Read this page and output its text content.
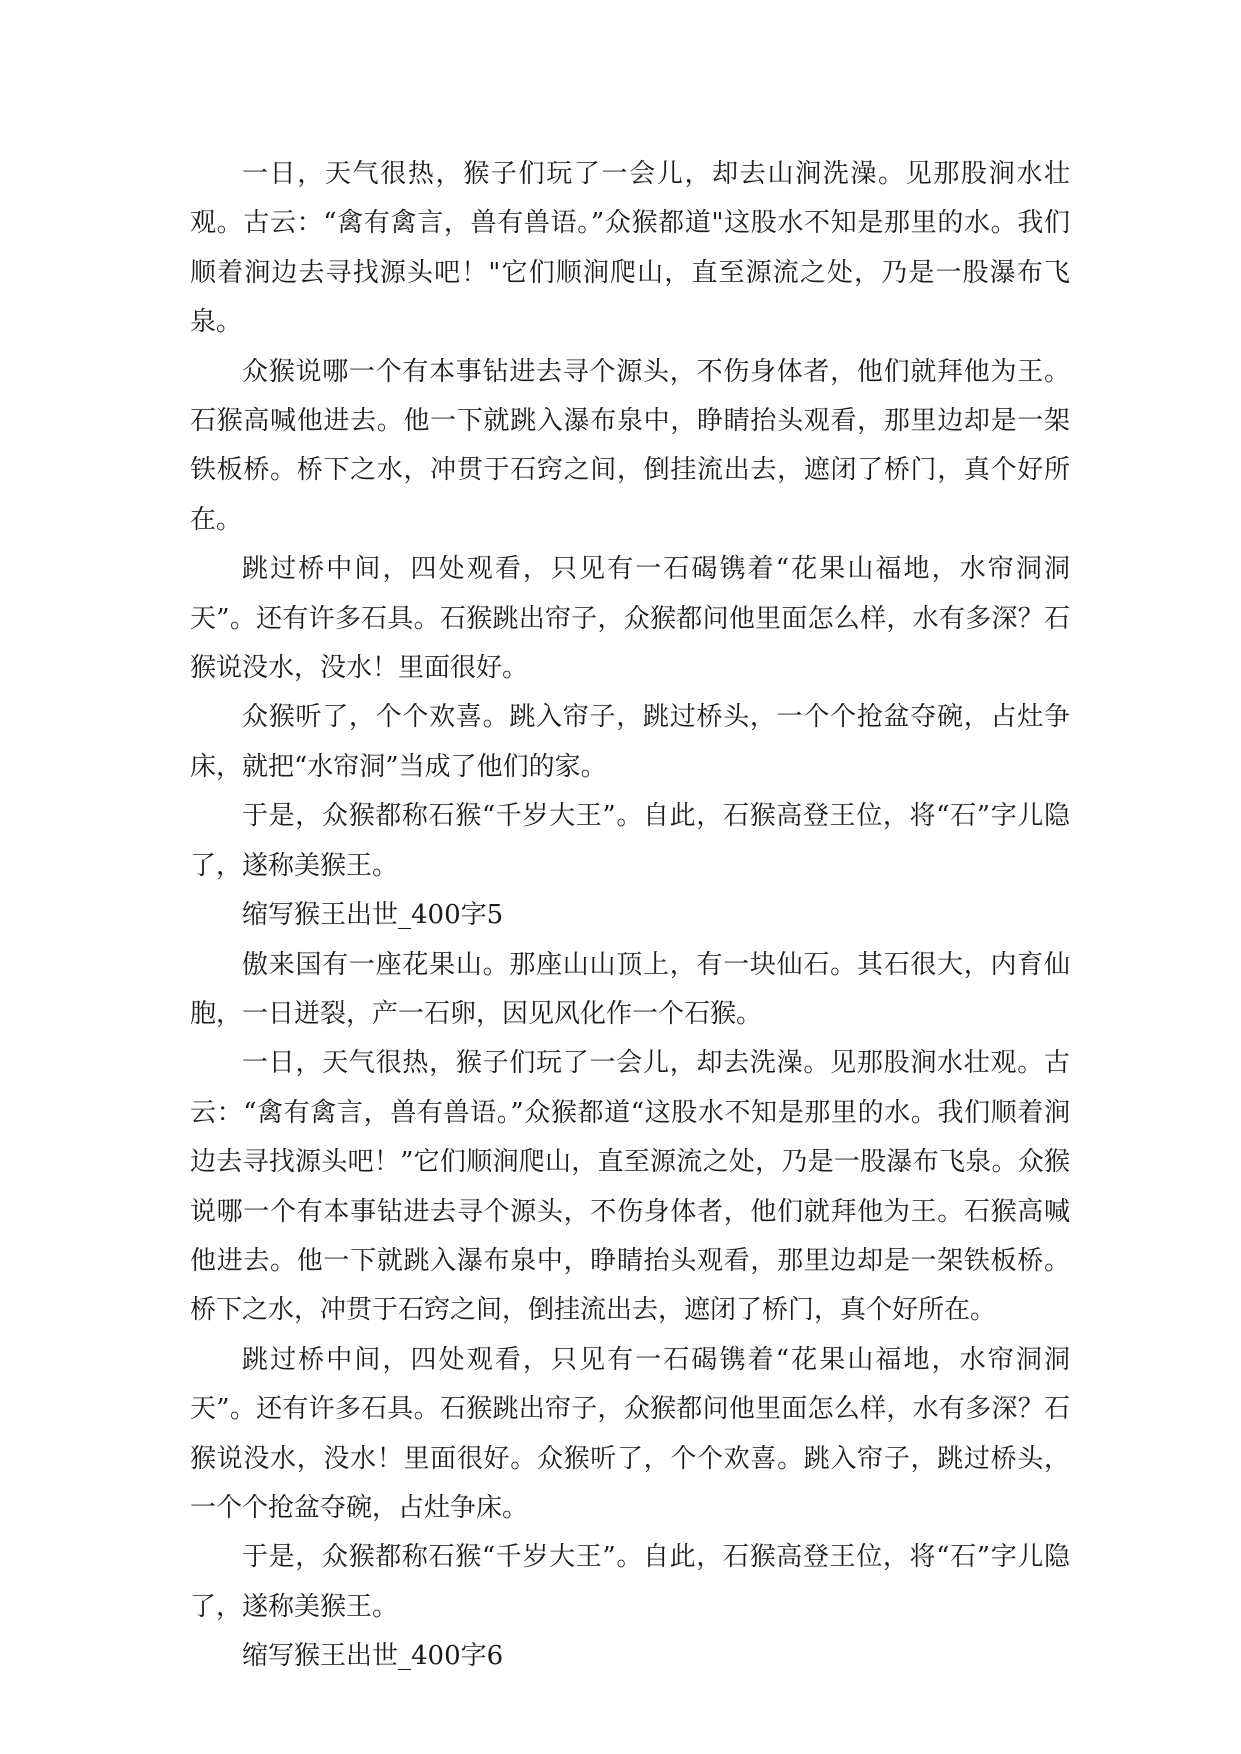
一日，天气很热，猴子们玩了一会儿，却去山涧洗澡。见那股涧水壮观。古云：“禽有禽言，兽有兽语。”众猴都道"这股水不知是那里的水。我们顺着涧边去寻找源头吧！"它们顺涧爬山，直至源流之处，乃是一股瀑布飞泉。

众猴说哪一个有本事钻进去寻个源头，不伤身体者，他们就拜他为王。石猴高喊他进去。他一下就跳入瀑布泉中，睁睛抬头观看，那里边却是一架铁板桥。桥下之水，冲贯于石窍之间，倒挂流出去，遮闭了桥门，真个好所在。

跳过桥中间，四处观看，只见有一石碣镌着“花果山福地，水帘洞洞天”。还有许多石具。石猴跳出帘子，众猴都问他里面怎么样，水有多深？石猴说没水，没水！里面很好。

众猴听了，个个欢喜。跳入帘子，跳过桥头，一个个抢盆夺碗，占灶争床，就把“水帘洞”当成了他们的家。

于是，众猴都称石猴“千岁大王”。自此，石猴高登王位，将“石”字儿隐了，遂称美猴王。

缩写猴王出世_400字5

傲来国有一座花果山。那座山山顶上，有一块仙石。其石很大，内育仙胞，一日迸裂，产一石卵，因见风化作一个石猴。

一日，天气很热，猴子们玩了一会儿，却去洗澡。见那股涧水壮观。古云：“禽有禽言，兽有兽语。”众猴都道“这股水不知是那里的水。我们顺着涧边去寻找源头吧！”它们顺涧爬山，直至源流之处，乃是一股瀑布飞泉。众猴说哪一个有本事钻进去寻个源头，不伤身体者，他们就拜他为王。石猴高喊他进去。他一下就跳入瀑布泉中，睁睛抬头观看，那里边却是一架铁板桥。桥下之水，冲贯于石窍之间，倒挂流出去，遮闭了桥门，真个好所在。

跳过桥中间，四处观看，只见有一石碣镌着“花果山福地，水帘洞洞天”。还有许多石具。石猴跳出帘子，众猴都问他里面怎么样，水有多深？石猴说没水，没水！里面很好。众猴听了，个个欢喜。跳入帘子，跳过桥头，一个个抢盆夺碗，占灶争床。

于是，众猴都称石猴“千岁大王”。自此，石猴高登王位，将“石”字儿隐了，遂称美猴王。

缩写猴王出世_400字6
